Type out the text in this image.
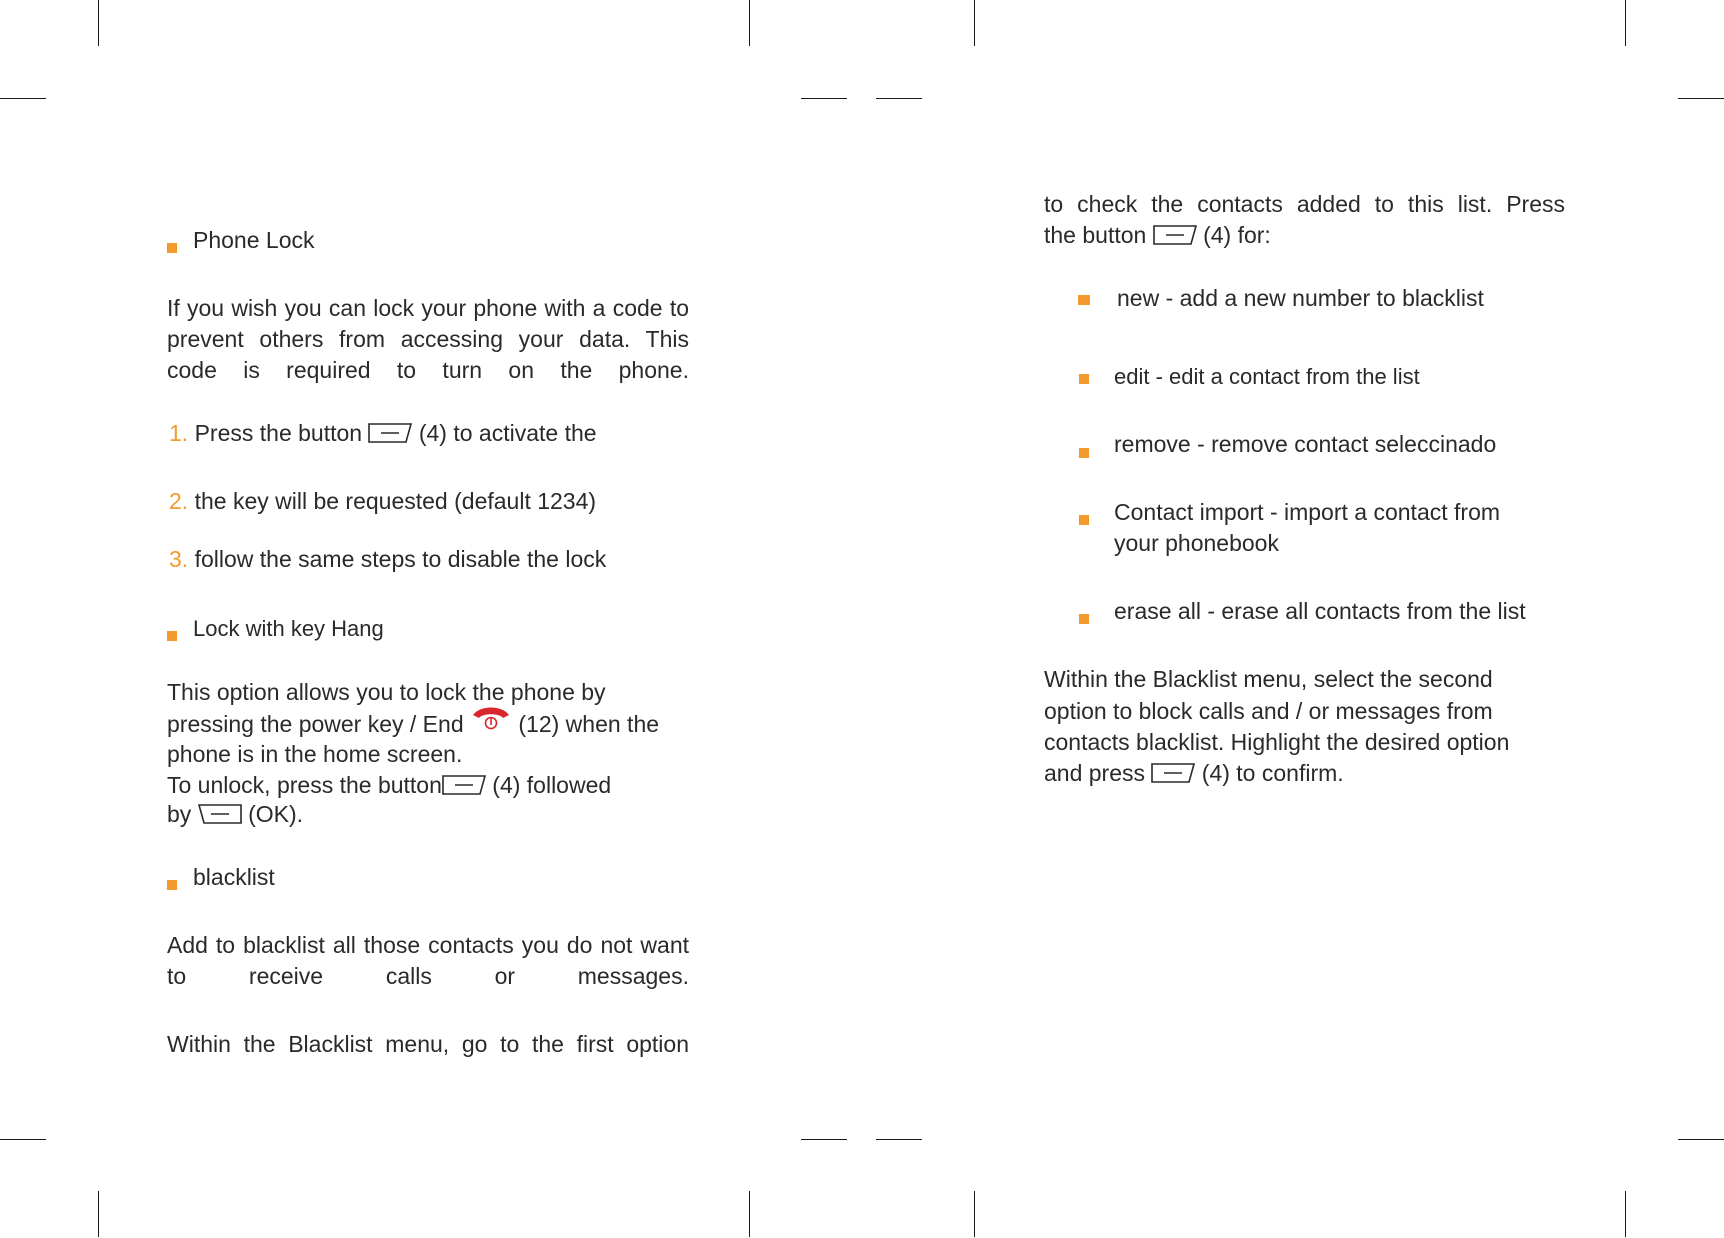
Phone Lock

If you wish you can lock your phone with a code to prevent others from accessing your data. This code is required to turn on the phone.

1. Press the button (4) to activate the
2. the key will be requested (default 1234)
3. follow the same steps to disable the lock
Lock with key Hang
This option allows you to lock the phone by
pressing the power key / End (12) when the
phone is in the home screen.
To unlock, press the button (4) followed
by (OK).
blacklist

Add to blacklist all those contacts you do not want to receive calls or messages.

Within the Blacklist menu, go to the first option
to check the contacts added to this list. Press
the button (4) for:
new - add a new number to blacklist
edit - edit a contact from the list
remove - remove contact seleccinado
Contact import - import a contact from your phonebook
erase all - erase all contacts from the list
Within the Blacklist menu, select the second
option to block calls and / or messages from
contacts blacklist. Highlight the desired option
and press (4) to confirm.
